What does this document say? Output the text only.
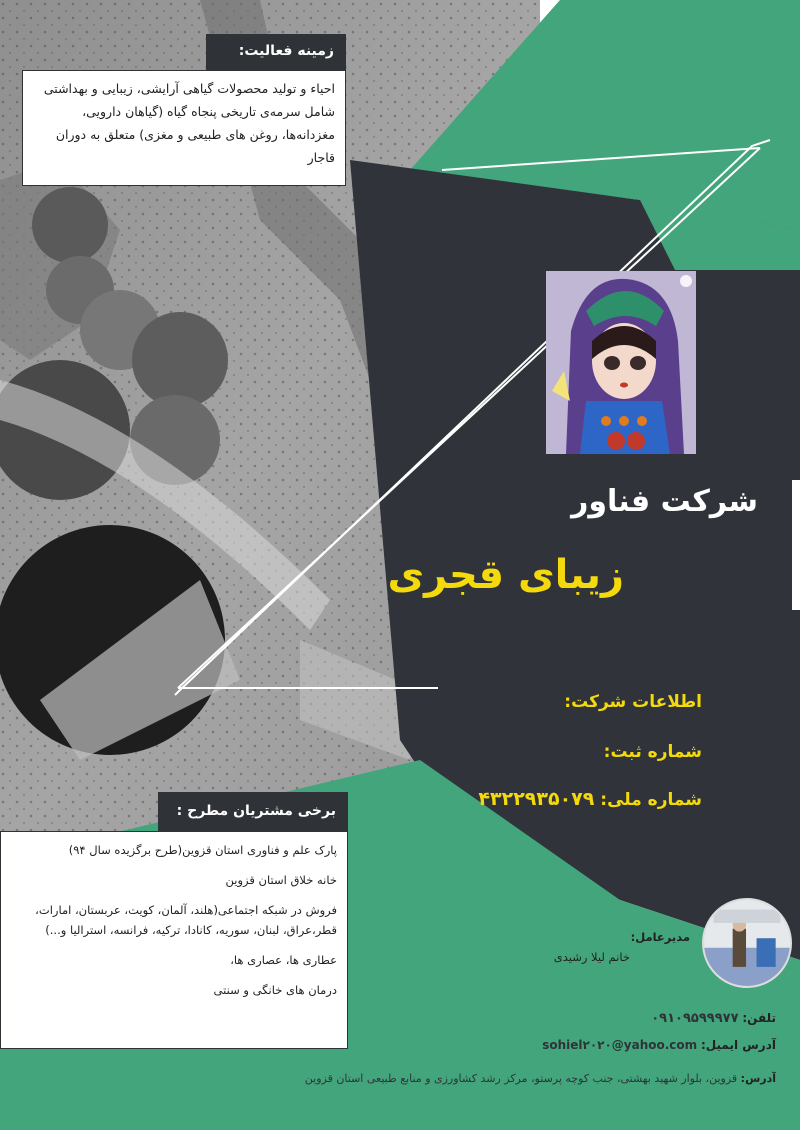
زمینه فعالیت:
احیاء و تولید محصولات گیاهی آرایشی، زیبایی و بهداشتی شامل سرمه‌ی تاریخی پنجاه گیاه (گیاهان دارویی، مغزدانه‌ها، روغن های طبیعی و مغزی) متعلق به دوران قاجار
برخی مشتریان مطرح :
پارک علم و فناوری استان قزوین(طرح برگزیده سال ۹۴)
خانه خلاق استان قزوین
فروش در شبکه اجتماعی(هلند، آلمان، کویت، عربستان، امارات، قطر،عراق، لبنان، سوریه، کانادا، ترکیه، فرانسه، استرالیا و...)
عطاری ها، عصاری ها،
درمان های خانگی و سنتی
شرکت فناور
زیبای قجری
اطلاعات شرکت:
شماره ثبت:
شماره ملی: ۴۳۲۲۹۳۵۰۷۹
مدیرعامل:
خانم لیلا رشیدی
تلفن: ۰۹۱۰۹۵۹۹۹۷۷
آدرس ایمیل: sohiel۲۰۲۰@yahoo.com
آدرس: قزوین، بلوار شهید بهشتی، جنب کوچه پرستو، مرکز رشد کشاورزی و منابع طبیعی استان قزوین
